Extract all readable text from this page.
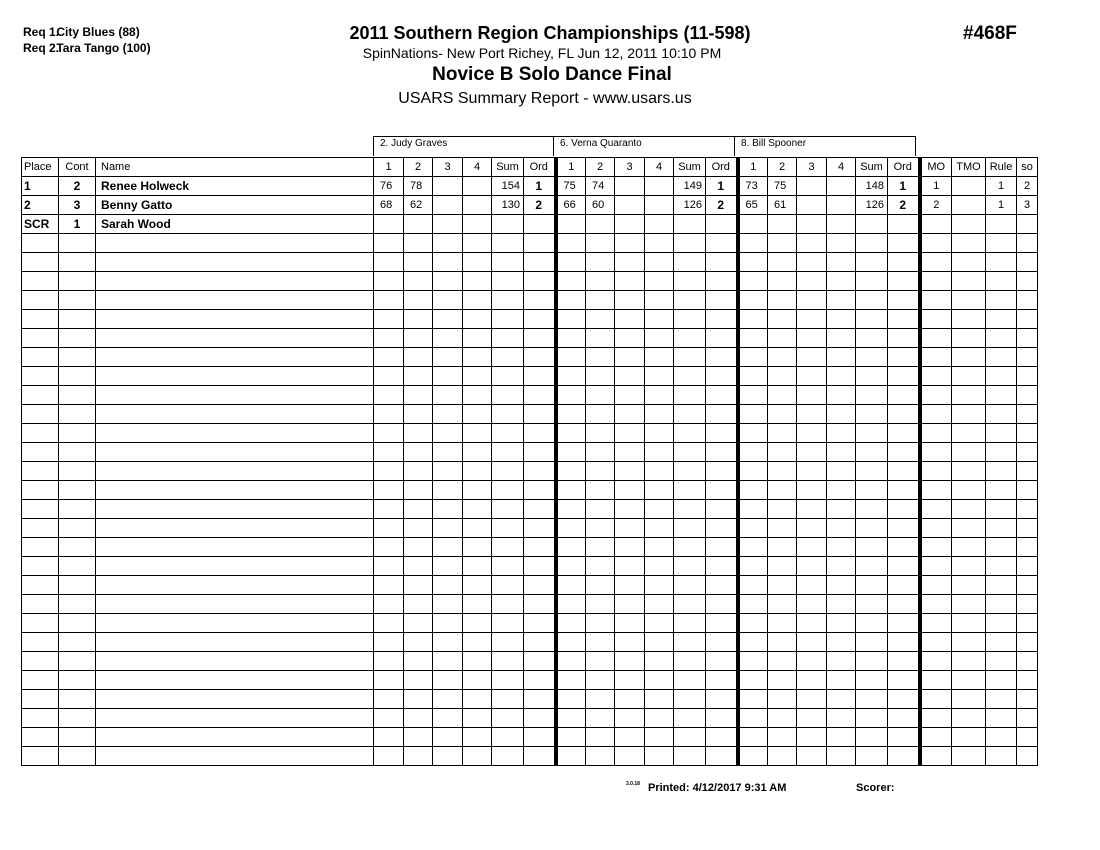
Req 1. City Blues (88)
Req 2. Tara Tango (100)
2011 Southern Region Championships (11-598)
SpinNations- New Port Richey, FL Jun 12, 2011 10:10 PM
Novice B Solo Dance Final
USARS Summary Report - www.usars.us
#468F
2. Judy Graves	6. Verna Quaranto	8. Bill Spooner
Place	Cont	Name	1	2	3	4	Sum	Ord	1	2	3	4	Sum	Ord	1	2	3	4	Sum	Ord	MO	TMO	Rule	so
1	2	Renee Holweck	76	78			154	1	75	74			149	1	73	75			148	1	1		1	2
2	3	Benny Gatto	68	62			130	2	66	60			126	2	65	61			126	2	2		1	3
SCR	1	Sarah Wood																						

3.0.18 Printed: 4/12/2017 9:31 AM	Scorer:
